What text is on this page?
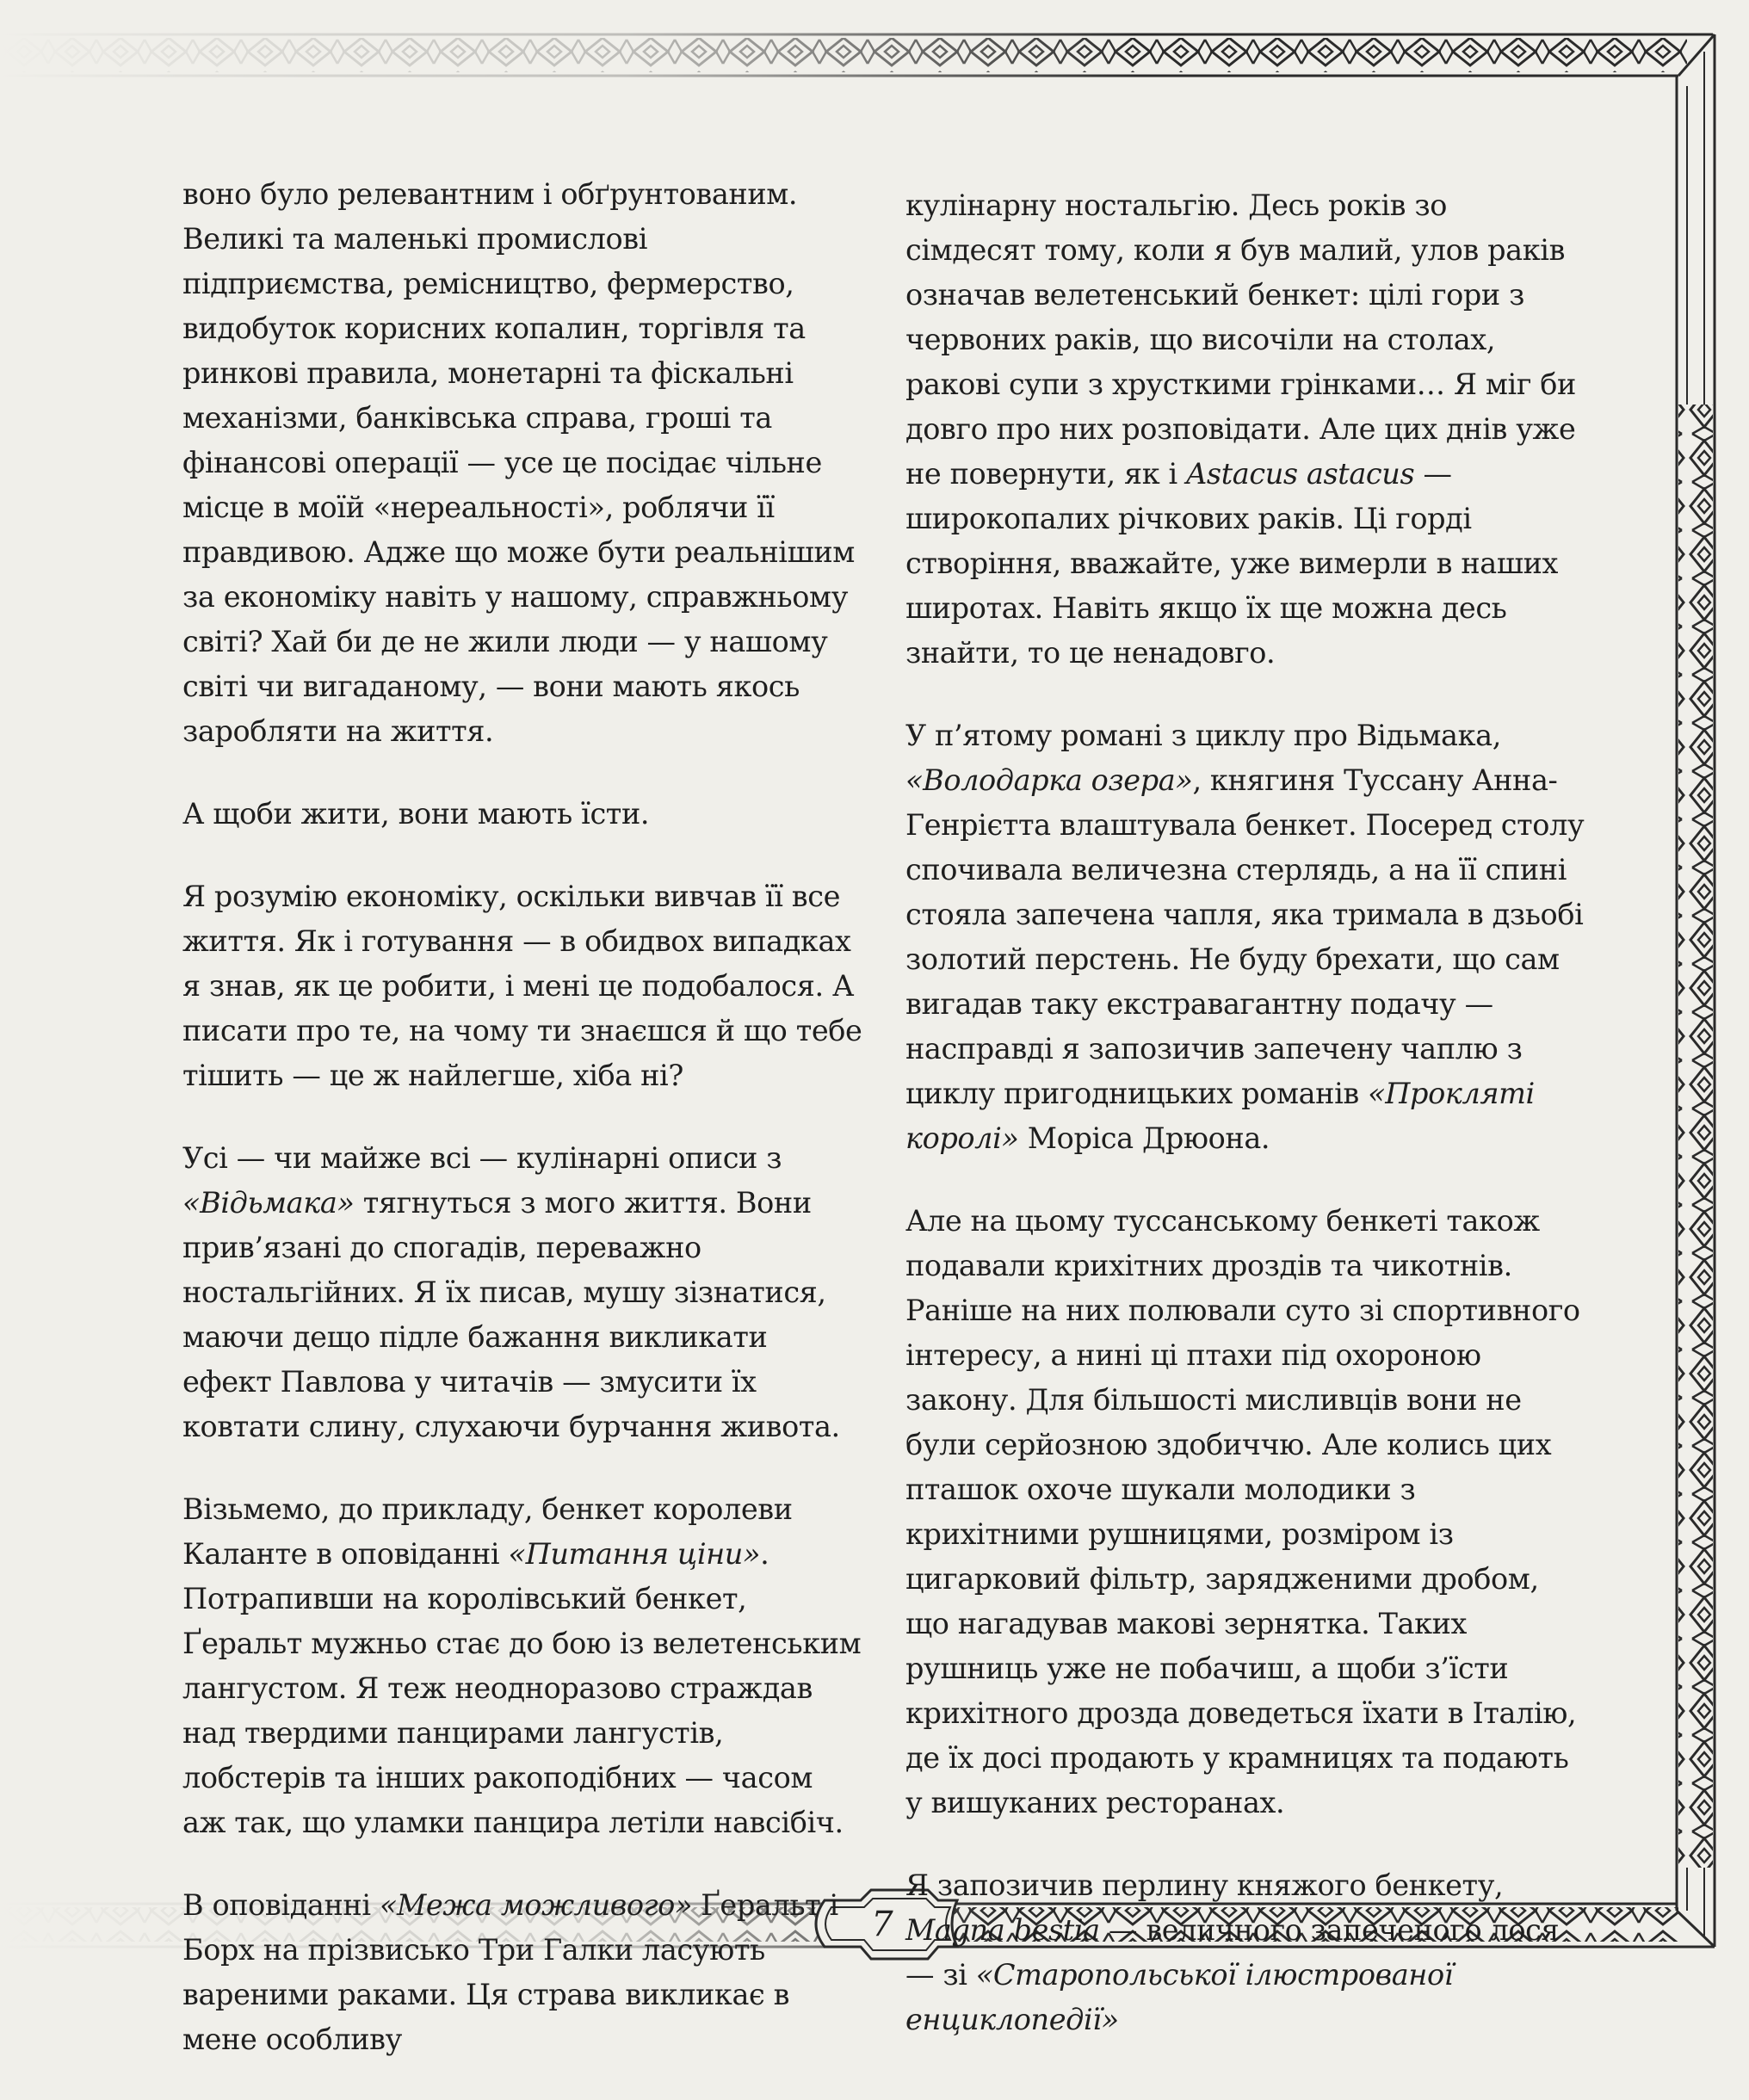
воно було релевантним і обґрунтованим. Великі та маленькі промислові підприємства, ремісництво, фермерство, видобуток корисних копалин, торгівля та ринкові правила, монетарні та фіскальні механізми, банківська справа, гроші та фінансові операції — усе це посідає чільне місце в моїй «нереальності», роблячи її правдивою. Адже що може бути реальнішим за економіку навіть у нашому, справжньому світі? Хай би де не жили люди — у нашому світі чи вигаданому, — вони мають якось заробляти на життя.

А щоби жити, вони мають їсти.

Я розумію економіку, оскільки вивчав її все життя. Як і готування — в обидвох випадках я знав, як це робити, і мені це подобалося. А писати про те, на чому ти знаєшся й що тебе тішить — це ж найлегше, хіба ні?

Усі — чи майже всі — кулінарні описи з «Відьмака» тягнуться з мого життя. Вони прив’язані до спогадів, переважно ностальгійних. Я їх писав, мушу зізнатися, маючи дещо підле бажання викликати ефект Павлова у читачів — змусити їх ковтати слину, слухаючи бурчання живота.

Візьмемо, до прикладу, бенкет королеви Каланте в оповіданні «Питання ціни». Потрапивши на королівський бенкет, Ґеральт мужньо стає до бою із велетенським лангустом. Я теж неодноразово страждав над твердими панцирами лангустів, лобстерів та інших ракоподібних — часом аж так, що уламки панцира летіли навсібіч.

В оповіданні «Межа можливого» Ґеральт і Борх на прізвисько Три Галки ласують вареними раками. Ця страва викликає в мене особливу

кулінарну ностальгію. Десь років зо сімдесят тому, коли я був малий, улов раків означав велетенський бенкет: цілі гори з червоних раків, що височіли на столах, ракові супи з хрусткими грінками… Я міг би довго про них розповідати. Але цих днів уже не повернути, як і Astacus astacus — широкопалих річкових раків. Ці горді створіння, вважайте, уже вимерли в наших широтах. Навіть якщо їх ще можна десь знайти, то це ненадовго.

У п’ятому романі з циклу про Відьмака, «Володарка озера», княгиня Туссану Анна-Генрієтта влаштувала бенкет. Посеред столу спочивала величезна стерлядь, а на її спині стояла запечена чапля, яка тримала в дзьобі золотий перстень. Не буду брехати, що сам вигадав таку екстравагантну подачу — насправді я запозичив запечену чаплю з циклу пригодницьких романів «Прокляті королі» Моріса Дрюона.

Але на цьому туссанському бенкеті також подавали крихітних дроздів та чикотнів. Раніше на них полювали суто зі спортивного інтересу, а нині ці птахи під охороною закону. Для більшості мисливців вони не були серйозною здобиччю. Але колись цих пташок охоче шукали молодики з крихітними рушницями, розміром із цигарковий фільтр, зарядженими дробом, що нагадував макові зернятка. Таких рушниць уже не побачиш, а щоби з’їсти крихітного дрозда доведеться їхати в Італію, де їх досі продають у крамницях та подають у вишуканих ресторанах.

Я запозичив перлину княжого бенкету, Magna bestia — величного запеченого лося — зі «Старопольської ілюстрованої енциклопедії»

7
